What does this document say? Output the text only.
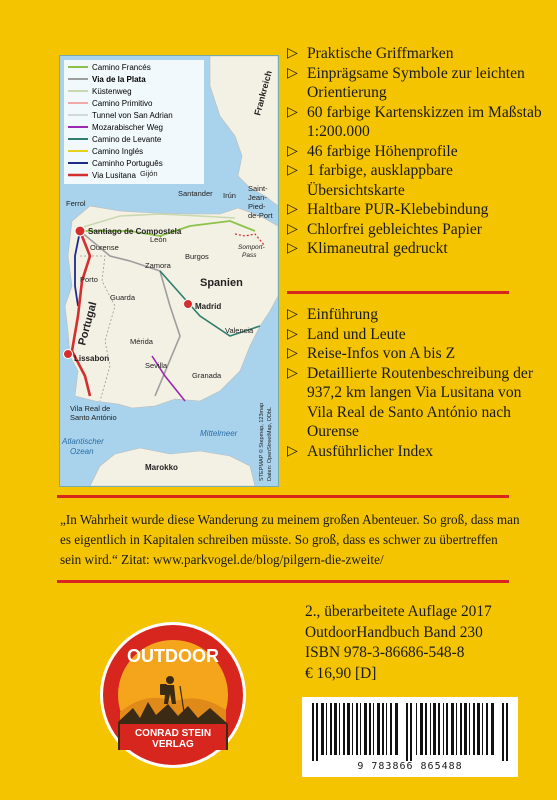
Camino Francés
Via de la Plata
Küstenweg
Camino Primitivo
Tunnel von San Adrian
Mozarabischer Weg
Camino de Levante
Camino Inglés
Caminho Português
Via Lusitana
Frankreich
Ferrol
Gijón
Santander Irún
Saint-
Jean-
Pied-
de-Port
Santiago de Compostela
León
Ourense
Burgos
Somport-
Pass
Zamora
Spanien
Porto
Guarda
Madrid
Portugal	Valencia
Lissabon
Mérida
Sevilla
Granada
Vila Real de
Santo António
Mittelmeer
Atlantischer
Ozean
Marokko	STEPMAP © Stepmap, 123map Daten: OpenStreetMap, ODbL
▷ Praktische Griffmarken
▷ Einprägsame Symbole zur leichten Orientierung
▷ 60 farbige Kartenskizzen im Maßstab 1:200.000
▷ 46 farbige Höhenprofile
▷ 1 farbige, ausklappbare Übersichtskarte
▷ Haltbare PUR-Klebebindung
▷ Chlorfrei gebleichtes Papier
▷ Klimaneutral gedruckt
▷ Einführung
▷ Land und Leute
▷ Reise-Infos von A bis Z
▷ Detaillierte Routenbeschreibung der 937,2 km langen Via Lusitana von Vila Real de Santo António nach Ourense
▷ Ausführlicher Index
„In Wahrheit wurde diese Wanderung zu meinem großen Abenteuer. So groß, dass man es eigentlich in Kapitalen schreiben müsste. So groß, dass es schwer zu übertreffen sein wird.“ Zitat: www.parkvogel.de/blog/pilgern-die-zweite/
OUTDOOR
CONRAD STEIN
VERLAG
2., überarbeitete Auflage 2017
OutdoorHandbuch Band 230
ISBN 978-3-86686-548-8
€ 16,90 [D]
9 783866 865488
